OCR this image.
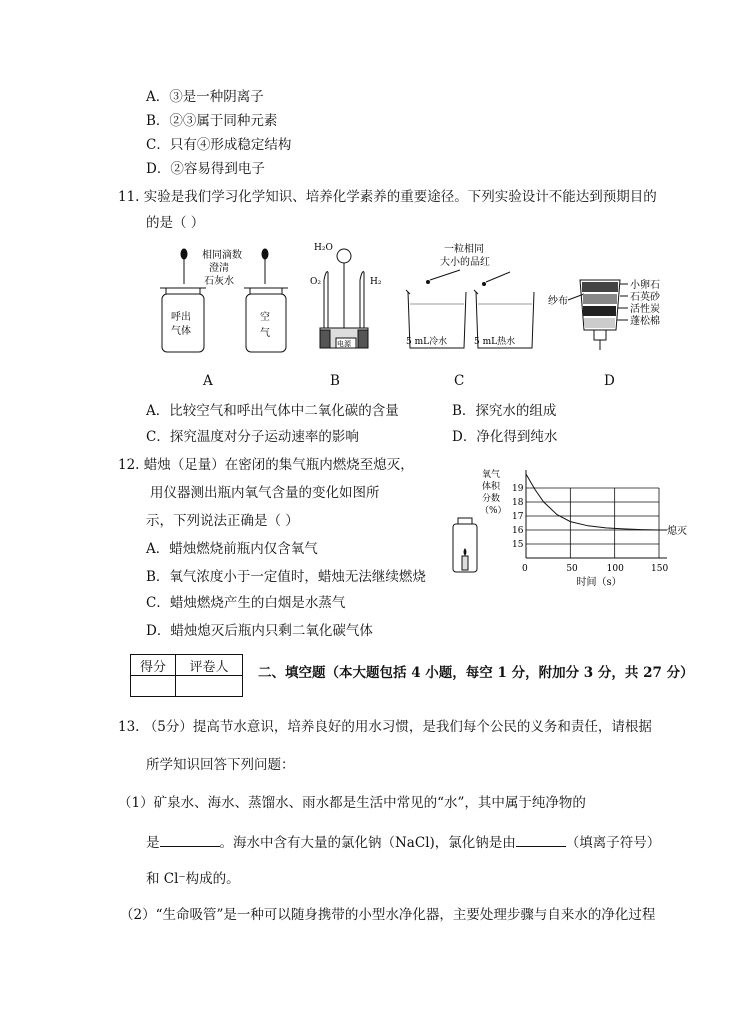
A．③是一种阴离子
B．②③属于同种元素
C．只有④形成稳定结构
D．②容易得到电子
11. 实验是我们学习化学知识、培养化学素养的重要途径。下列实验设计不能达到预期目的
的是（ ）
相同滴数
澄清
石灰水
呼出
气体
空
气
A
H₂O
O₂	H₂
电源
B
一粒相同
大小的品红
5 mL冷水	5 mL热水
C
纱布
小卵石
石英砂
活性炭
蓬松棉
D
A．比较空气和呼出气体中二氧化碳的含量	B．探究水的组成
C．探究温度对分子运动速率的影响	D．净化得到纯水
12. 蜡烛（足量）在密闭的集气瓶内燃烧至熄灭，
用仪器测出瓶内氧气含量的变化如图所
示，下列说法正确是（ ）
A．蜡烛燃烧前瓶内仅含氧气
B．氧气浓度小于一定值时，蜡烛无法继续燃烧
C．蜡烛燃烧产生的白烟是水蒸气
D．蜡烛熄灭后瓶内只剩二氧化碳气体
15
16
17
18
19
0	50	100	150
熄灭
氧气体积分数（%）
时间（s）
得分	评卷人
	二、填空题（本大题包括 4 小题，每空 1 分，附加分 3 分，共 27 分）
13. （5分）提高节水意识，培养良好的用水习惯，是我们每个公民的义务和责任，请根据
所学知识回答下列问题：
（1）矿泉水、海水、蒸馏水、雨水都是生活中常见的“水”，其中属于纯净物的
是	。海水中含有大量的氯化钠（NaCl)，氯化钠是由	（填离子符号）
和 Cl⁻构成的。
（2）“生命吸管”是一种可以随身携带的小型水净化器，主要处理步骤与自来水的净化过程
